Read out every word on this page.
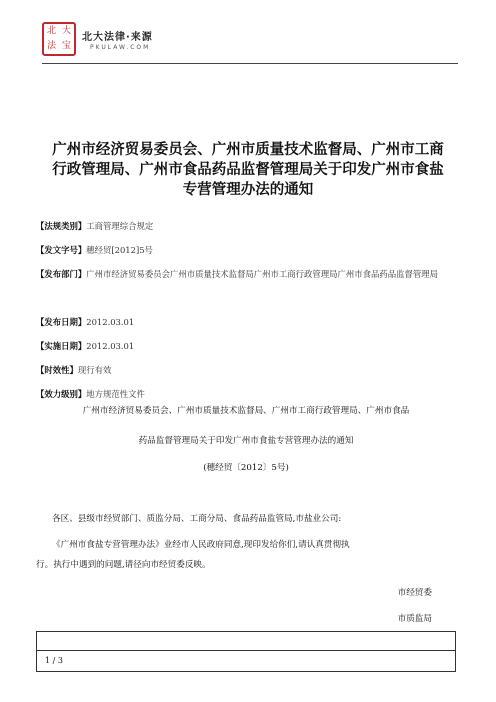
北 大
法 宝
北大法律·来源
PKULAW.COM
广州市经济贸易委员会、广州市质量技术监督局、广州市工商行政管理局、广州市食品药品监督管理局关于印发广州市食盐专营管理办法的通知
【法规类别】工商管理综合规定
【发文字号】穗经贸[2012]5号
【发布部门】广州市经济贸易委员会广州市质量技术监督局广州市工商行政管理局广州市食品药品监督管理局
【发布日期】2012.03.01
【实施日期】2012.03.01
【时效性】现行有效
【效力级别】地方规范性文件
广州市经济贸易委员会、广州市质量技术监督局、广州市工商行政管理局、广州市食品
药品监督管理局关于印发广州市食盐专营管理办法的通知
(穗经贸〔2012〕5号)
各区、县级市经贸部门、质监分局、工商分局、食品药品监管局,市盐业公司:
《广州市食盐专营管理办法》业经市人民政府同意,现印发给你们,请认真贯彻执
行。执行中遇到的问题,请径向市经贸委反映。
市经贸委
市质监局
1 / 3
